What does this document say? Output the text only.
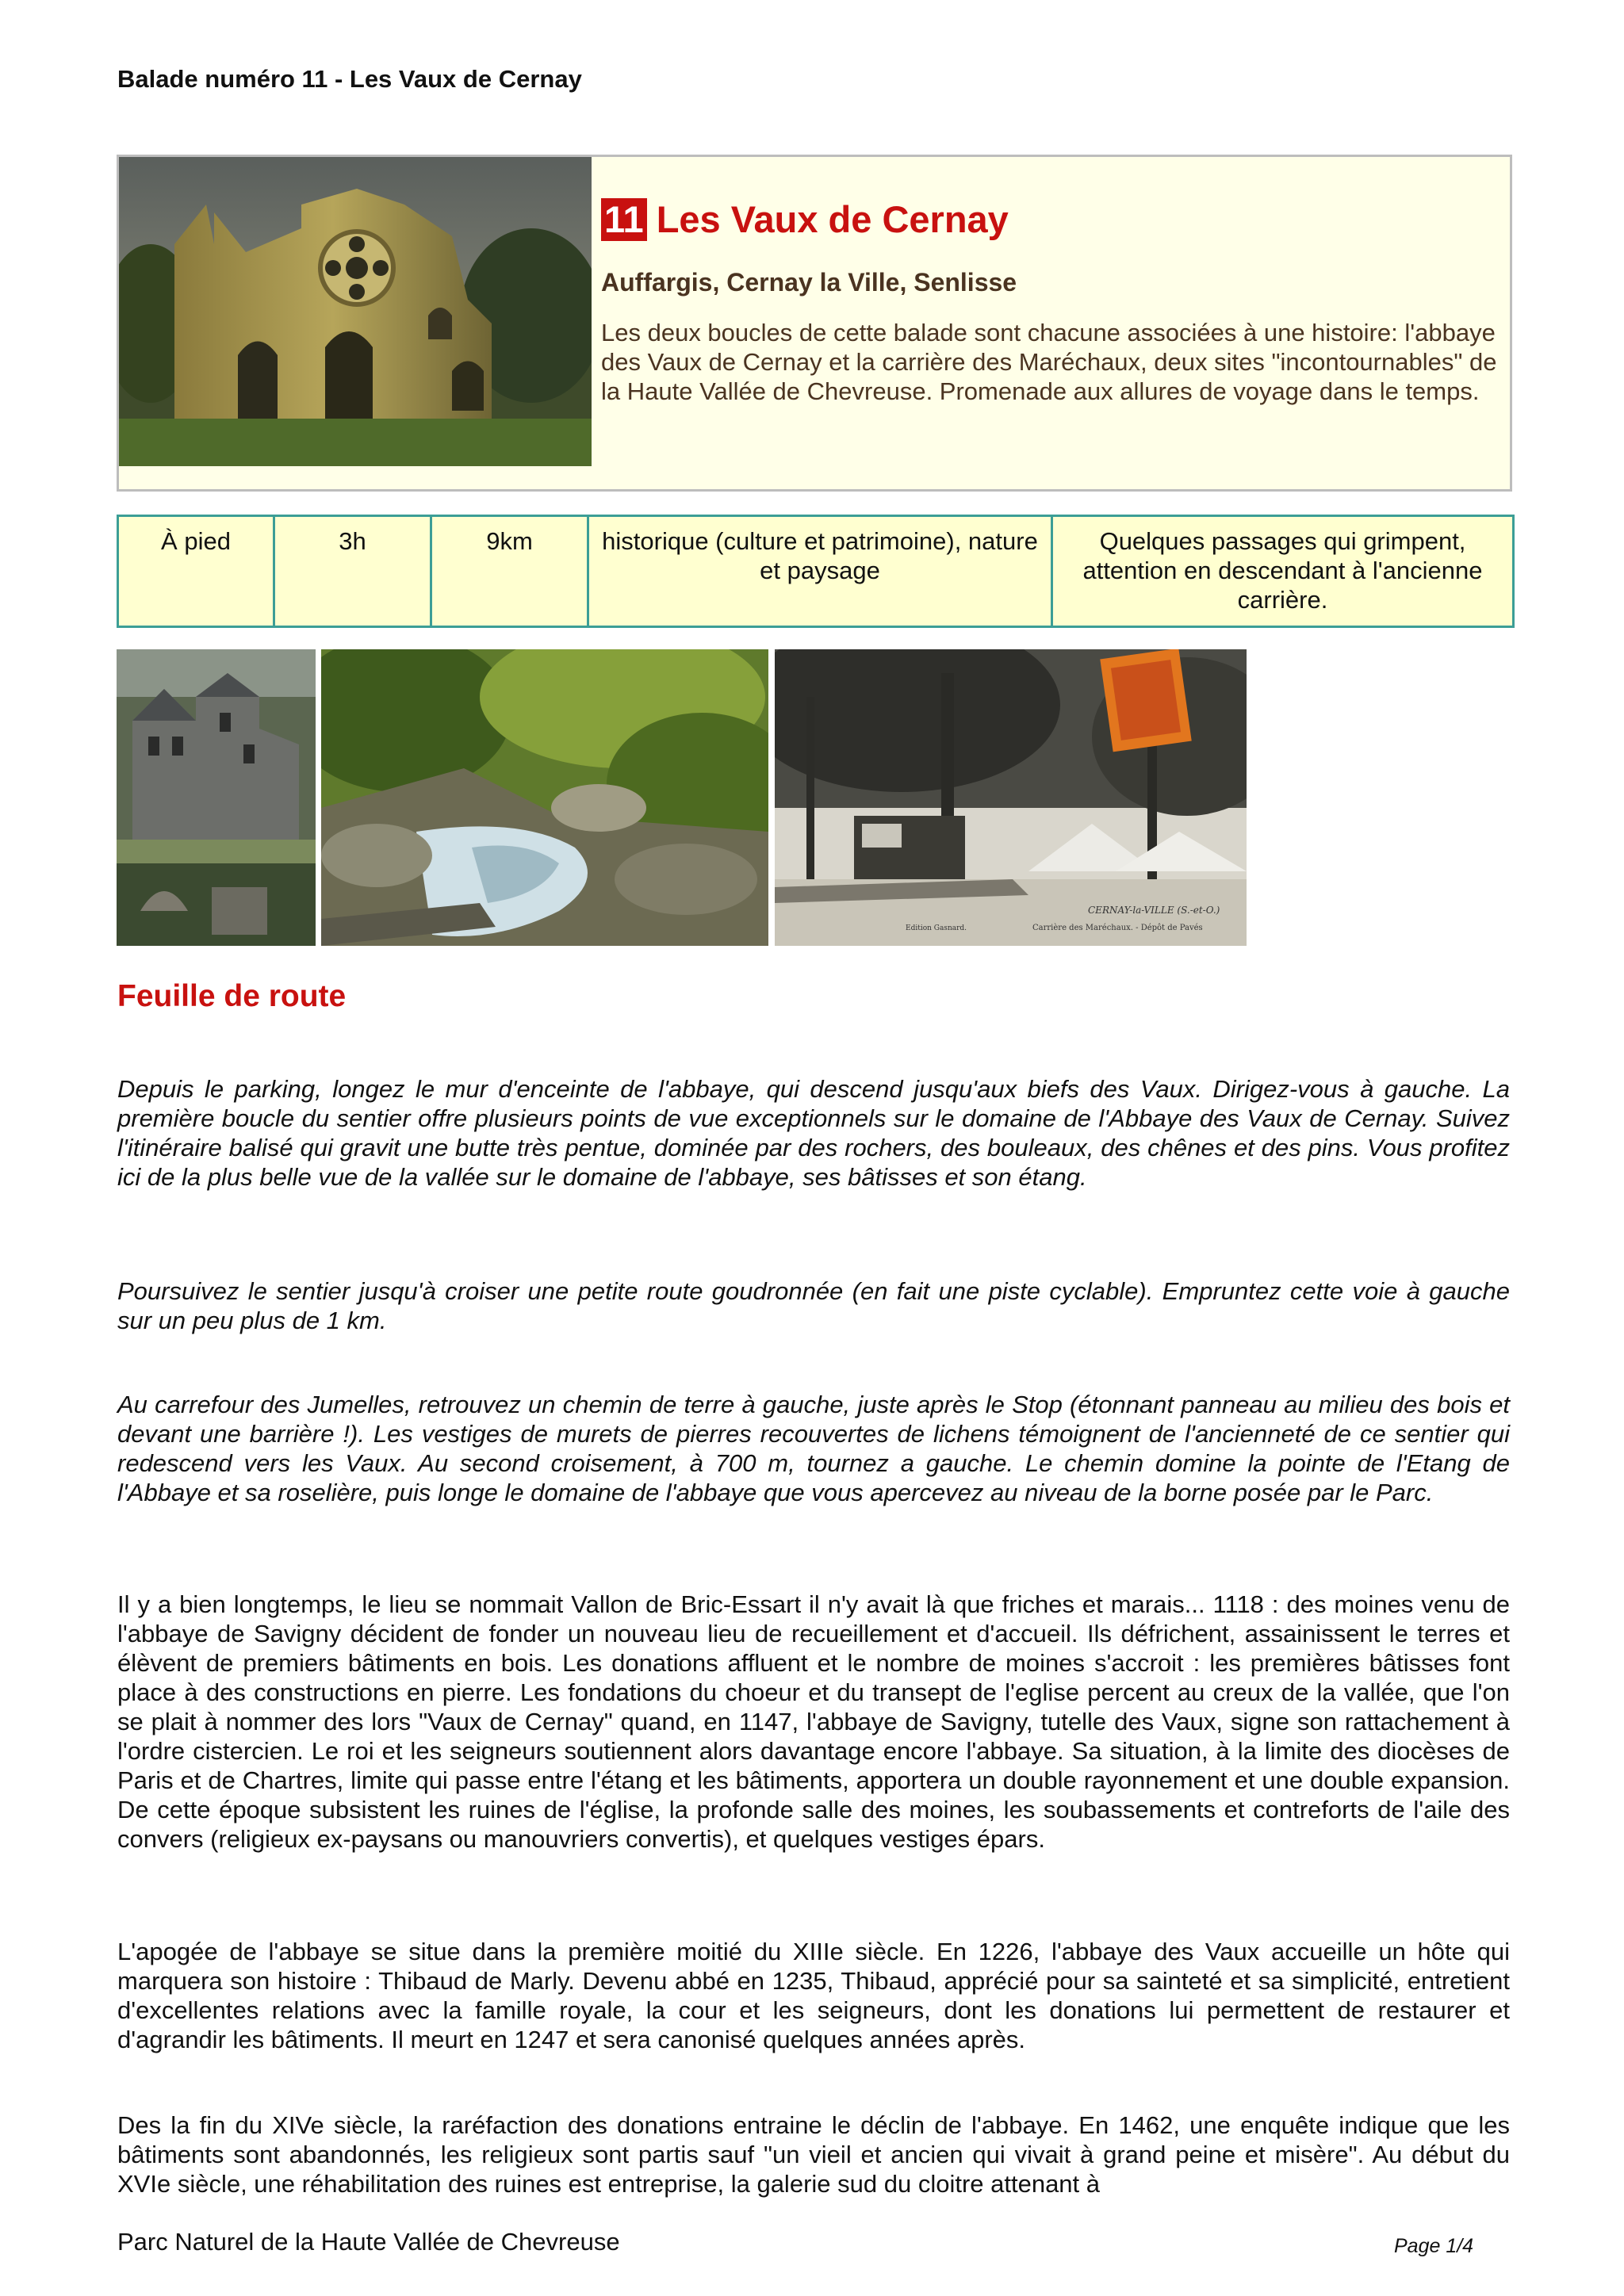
Balade numéro 11 - Les Vaux de Cernay
11 Les Vaux de Cernay
Auffargis, Cernay la Ville, Senlisse
Les deux boucles de cette balade sont chacune associées à une histoire: l'abbaye des Vaux de Cernay et la carrière des Maréchaux, deux sites "incontournables" de la Haute Vallée de Chevreuse. Promenade aux allures de voyage dans le temps.
À pied	3h	9km	historique (culture et patrimoine), nature et paysage	Quelques passages qui grimpent, attention en descendant à l'ancienne carrière.
CERNAY-la-VILLE (S.-et-O.)
Carrière des Maréchaux. - Dépôt de Pavés
Edition Gasnard.
Feuille de route
Depuis le parking, longez le mur d'enceinte de l'abbaye, qui descend jusqu'aux biefs des Vaux. Dirigez-vous à gauche. La première boucle du sentier offre plusieurs points de vue exceptionnels sur le domaine de l'Abbaye des Vaux de Cernay. Suivez l'itinéraire balisé qui gravit une butte très pentue, dominée par des rochers, des bouleaux, des chênes et des pins. Vous profitez ici de la plus belle vue de la vallée sur le domaine de l'abbaye, ses bâtisses et son étang.
Poursuivez le sentier jusqu'à croiser une petite route goudronnée (en fait une piste cyclable). Empruntez cette voie à gauche sur un peu plus de 1 km.
Au carrefour des Jumelles, retrouvez un chemin de terre à gauche, juste après le Stop (étonnant panneau au milieu des bois et devant une barrière !). Les vestiges de murets de pierres recouvertes de lichens témoignent de l'ancienneté de ce sentier qui redescend vers les Vaux. Au second croisement, à 700 m, tournez a gauche. Le chemin domine la pointe de l'Etang de l'Abbaye et sa roselière, puis longe le domaine de l'abbaye que vous apercevez au niveau de la borne posée par le Parc.
Il y a bien longtemps, le lieu se nommait Vallon de Bric-Essart il n'y avait là que friches et marais... 1118 : des moines venu de l'abbaye de Savigny décident de fonder un nouveau lieu de recueillement et d'accueil. Ils défrichent, assainissent le terres et élèvent de premiers bâtiments en bois. Les donations affluent et le nombre de moines s'accroit : les premières bâtisses font place à des constructions en pierre. Les fondations du choeur et du transept de l'eglise percent au creux de la vallée, que l'on se plait à nommer des lors "Vaux de Cernay" quand, en 1147, l'abbaye de Savigny, tutelle des Vaux, signe son rattachement à l'ordre cistercien. Le roi et les seigneurs soutiennent alors davantage encore l'abbaye. Sa situation, à la limite des diocèses de Paris et de Chartres, limite qui passe entre l'étang et les bâtiments, apportera un double rayonnement et une double expansion. De cette époque subsistent les ruines de l'église, la profonde salle des moines, les soubassements et contreforts de l'aile des convers (religieux ex-paysans ou manouvriers convertis), et quelques vestiges épars.
L'apogée de l'abbaye se situe dans la première moitié du XIIIe siècle. En 1226, l'abbaye des Vaux accueille un hôte qui marquera son histoire : Thibaud de Marly. Devenu abbé en 1235, Thibaud, apprécié pour sa sainteté et sa simplicité, entretient d'excellentes relations avec la famille royale, la cour et les seigneurs, dont les donations lui permettent de restaurer et d'agrandir les bâtiments. Il meurt en 1247 et sera canonisé quelques années après.
Des la fin du XIVe siècle, la raréfaction des donations entraine le déclin de l'abbaye. En 1462, une enquête indique que les bâtiments sont abandonnés, les religieux sont partis sauf "un vieil et ancien qui vivait à grand peine et misère". Au début du XVIe siècle, une réhabilitation des ruines est entreprise, la galerie sud du cloitre attenant à
Parc Naturel de la Haute Vallée de Chevreuse	Page 1/4
